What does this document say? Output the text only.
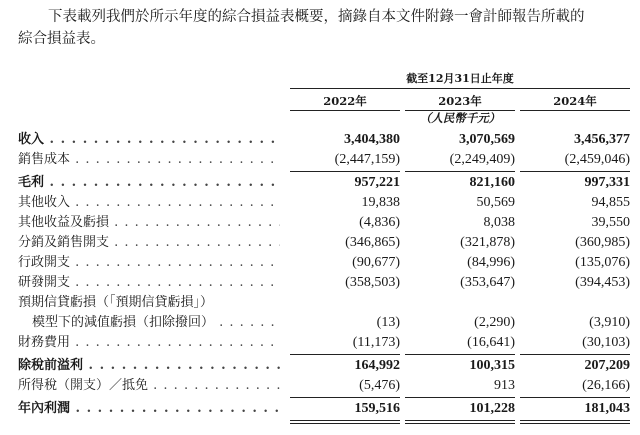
下表載列我們於所示年度的綜合損益表概要，摘錄自本文件附錄一會計師報告所載的
綜合損益表。
截至12月31日止年度
2022年	2023年	2024年
（人民幣千元）
收入 . . .	3,404,380	3,070,569	3,456,377
銷售成本 . . .	(2,447,159)	(2,249,409)	(2,459,046)
毛利 . . .	957,221	821,160	997,331
其他收入 . . .	19,838	50,569	94,855
其他收益及虧損 . . .	(4,836)	8,038	39,550
分銷及銷售開支 . . .	(346,865)	(321,878)	(360,985)
行政開支 . . .	(90,677)	(84,996)	(135,076)
研發開支 . . .	(358,503)	(353,647)	(394,453)
預期信貸虧損（「預期信貸虧損」）
模型下的減值虧損（扣除撥回） . . .	(13)	(2,290)	(3,910)
財務費用 . . .	(11,173)	(16,641)	(30,103)
除稅前溢利 . . .	164,992	100,315	207,209
所得稅（開支）／抵免 . . .	(5,476)	913	(26,166)
年內利潤 . . .	159,516	101,228	181,043
